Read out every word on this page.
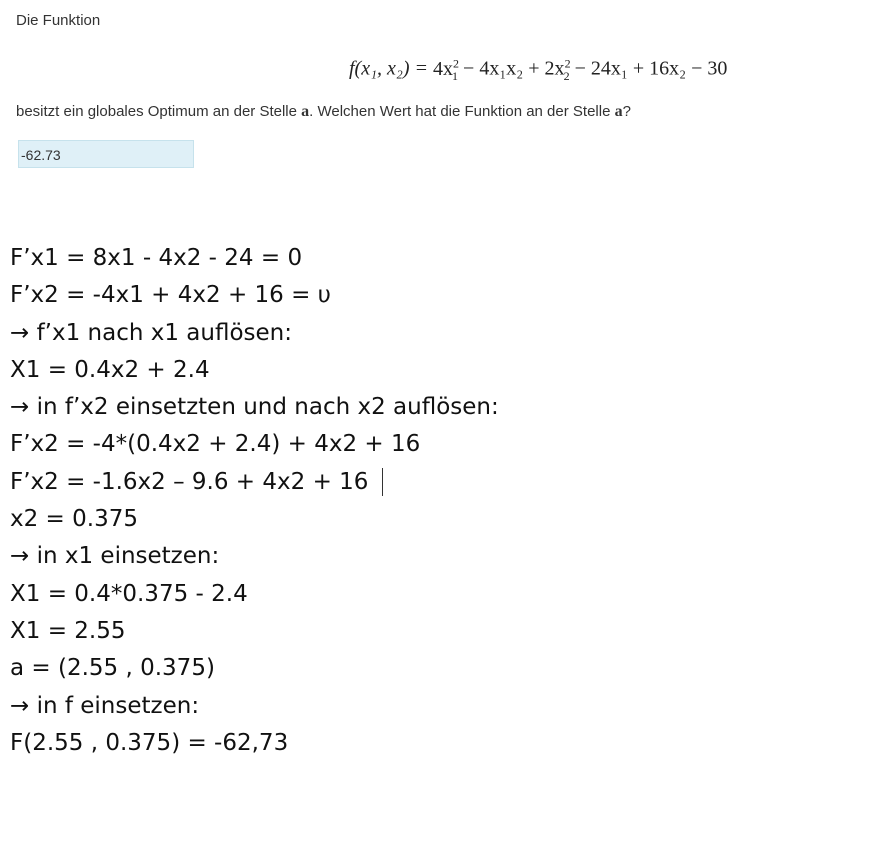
Die Funktion
f(x₁, $x_2) = 4x^2_1 - 4x_1x_2 + 2x^2_2 - 24x_1 + 16x_2 - 30$
besitzt ein globales Optimum an der Stelle a. Welchen Wert hat die Funktion an der Stelle a?
-62.73
F’x1 = 8x1 - 4x2 - 24 = 0
F’x2 = -4x1 + 4x2 + 16 = υ
→ f’x1 nach x1 auflösen:
X1 = 0.4x2 + 2.4
→ in f’x2 einsetzten und nach x2 auflösen:
F’x2 = -4*(0.4x2 + 2.4) + 4x2 + 16
F’x2 = -1.6x2 – 9.6 + 4x2 + 16
x2 = 0.375
→ in x1 einsetzen:
X1 = 0.4*0.375 - 2.4
X1 = 2.55
a = (2.55 , 0.375)
→ in f einsetzen:
F(2.55 , 0.375) = -62,73
